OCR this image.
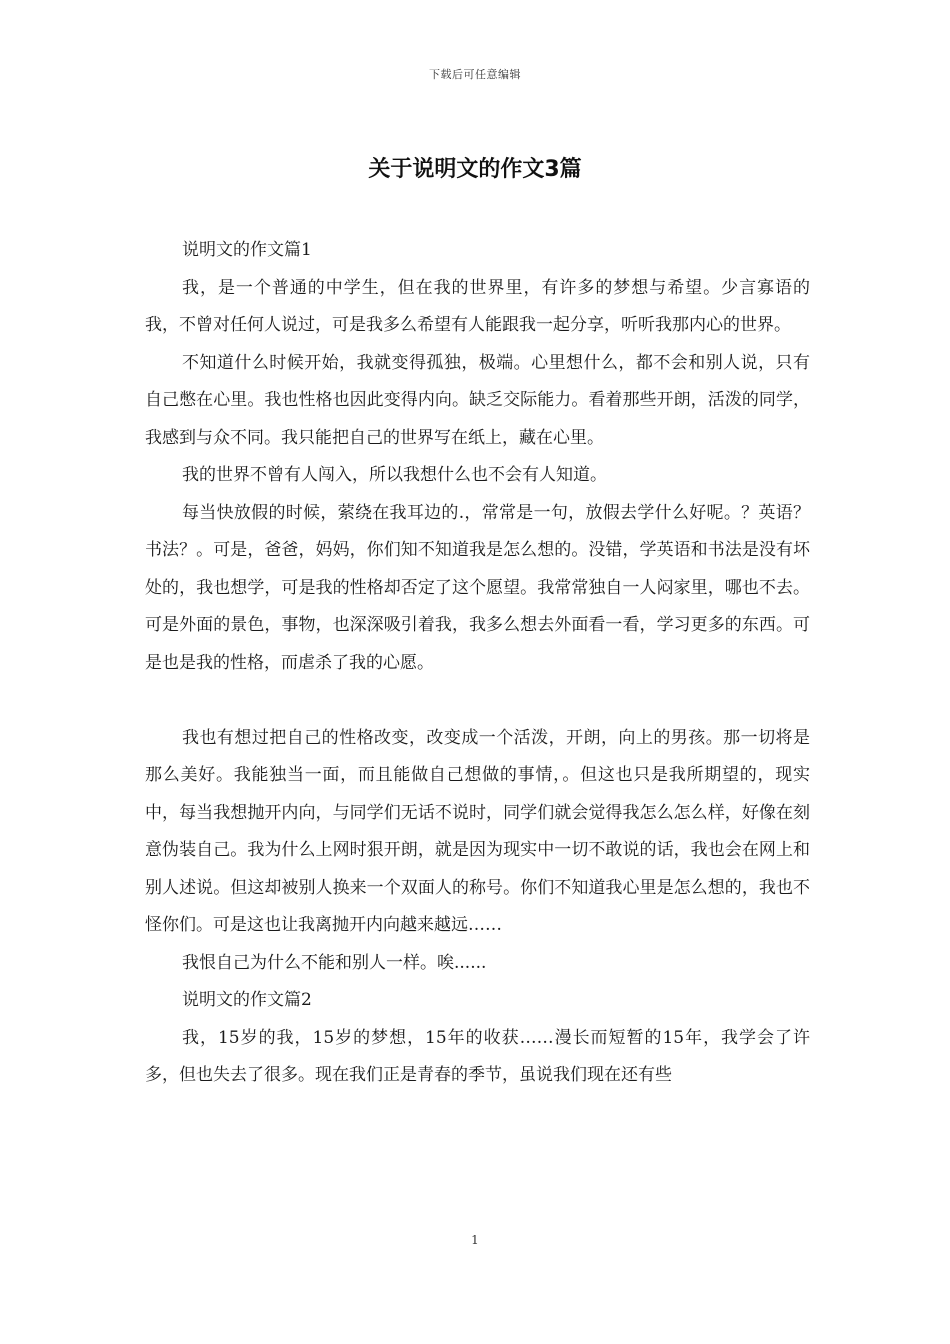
下载后可任意编辑
关于说明文的作文3篇

说明文的作文篇1

我，是一个普通的中学生，但在我的世界里，有许多的梦想与希望。少言寡语的我，不曾对任何人说过，可是我多么希望有人能跟我一起分享，听听我那内心的世界。

不知道什么时候开始，我就变得孤独，极端。心里想什么，都不会和别人说，只有自己憋在心里。我也性格也因此变得内向。缺乏交际能力。看着那些开朗，活泼的同学，我感到与众不同。我只能把自己的世界写在纸上，藏在心里。

我的世界不曾有人闯入，所以我想什么也不会有人知道。

每当快放假的时候，萦绕在我耳边的.，常常是一句，放假去学什么好呢。？英语？书法？。可是，爸爸，妈妈，你们知不知道我是怎么想的。没错，学英语和书法是没有坏处的，我也想学，可是我的性格却否定了这个愿望。我常常独自一人闷家里，哪也不去。可是外面的景色，事物，也深深吸引着我，我多么想去外面看一看，学习更多的东西。可是也是我的性格，而虐杀了我的心愿。

我也有想过把自己的性格改变，改变成一个活泼，开朗，向上的男孩。那一切将是那么美好。我能独当一面，而且能做自己想做的事情，。但这也只是我所期望的，现实中，每当我想抛开内向，与同学们无话不说时，同学们就会觉得我怎么怎么样，好像在刻意伪装自己。我为什么上网时狠开朗，就是因为现实中一切不敢说的话，我也会在网上和别人述说。但这却被别人换来一个双面人的称号。你们不知道我心里是怎么想的，我也不怪你们。可是这也让我离抛开内向越来越远……

我恨自己为什么不能和别人一样。唉......

说明文的作文篇2

我，15岁的我，15岁的梦想，15年的收获……漫长而短暂的15年，我学会了许多，但也失去了很多。现在我们正是青春的季节，虽说我们现在还有些

1
